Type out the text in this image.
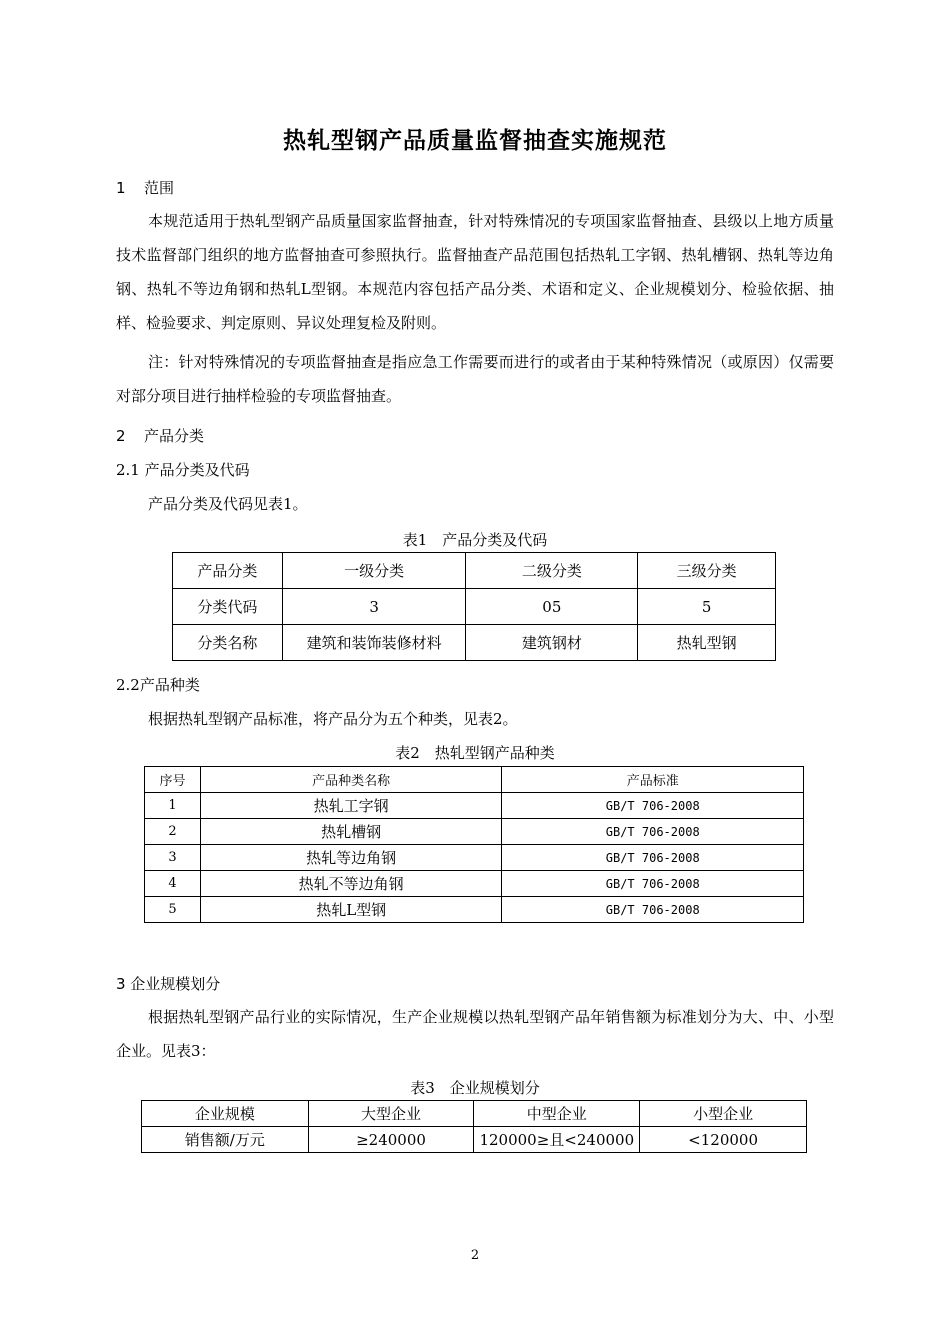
热轧型钢产品质量监督抽查实施规范
1 范围
本规范适用于热轧型钢产品质量国家监督抽查，针对特殊情况的专项国家监督抽查、县级以上地方质量技术监督部门组织的地方监督抽查可参照执行。监督抽查产品范围包括热轧工字钢、热轧槽钢、热轧等边角钢、热轧不等边角钢和热轧L型钢。本规范内容包括产品分类、术语和定义、企业规模划分、检验依据、抽样、检验要求、判定原则、异议处理复检及附则。
注：针对特殊情况的专项监督抽查是指应急工作需要而进行的或者由于某种特殊情况（或原因）仅需要对部分项目进行抽样检验的专项监督抽查。
2 产品分类
2.1 产品分类及代码
产品分类及代码见表1。
表1　产品分类及代码
产品分类	一级分类	二级分类	三级分类
分类代码	3	05	5
分类名称	建筑和装饰装修材料	建筑钢材	热轧型钢
2.2产品种类
根据热轧型钢产品标准，将产品分为五个种类，见表2。
表2　热轧型钢产品种类
序号	产品种类名称	产品标准
1	热轧工字钢	GB/T 706-2008
2	热轧槽钢	GB/T 706-2008
3	热轧等边角钢	GB/T 706-2008
4	热轧不等边角钢	GB/T 706-2008
5	热轧L型钢	GB/T 706-2008
3 企业规模划分
根据热轧型钢产品行业的实际情况，生产企业规模以热轧型钢产品年销售额为标准划分为大、中、小型企业。见表3：
表3　企业规模划分
企业规模	大型企业	中型企业	小型企业
销售额/万元	≥240000	120000≥且<240000	<120000
2
